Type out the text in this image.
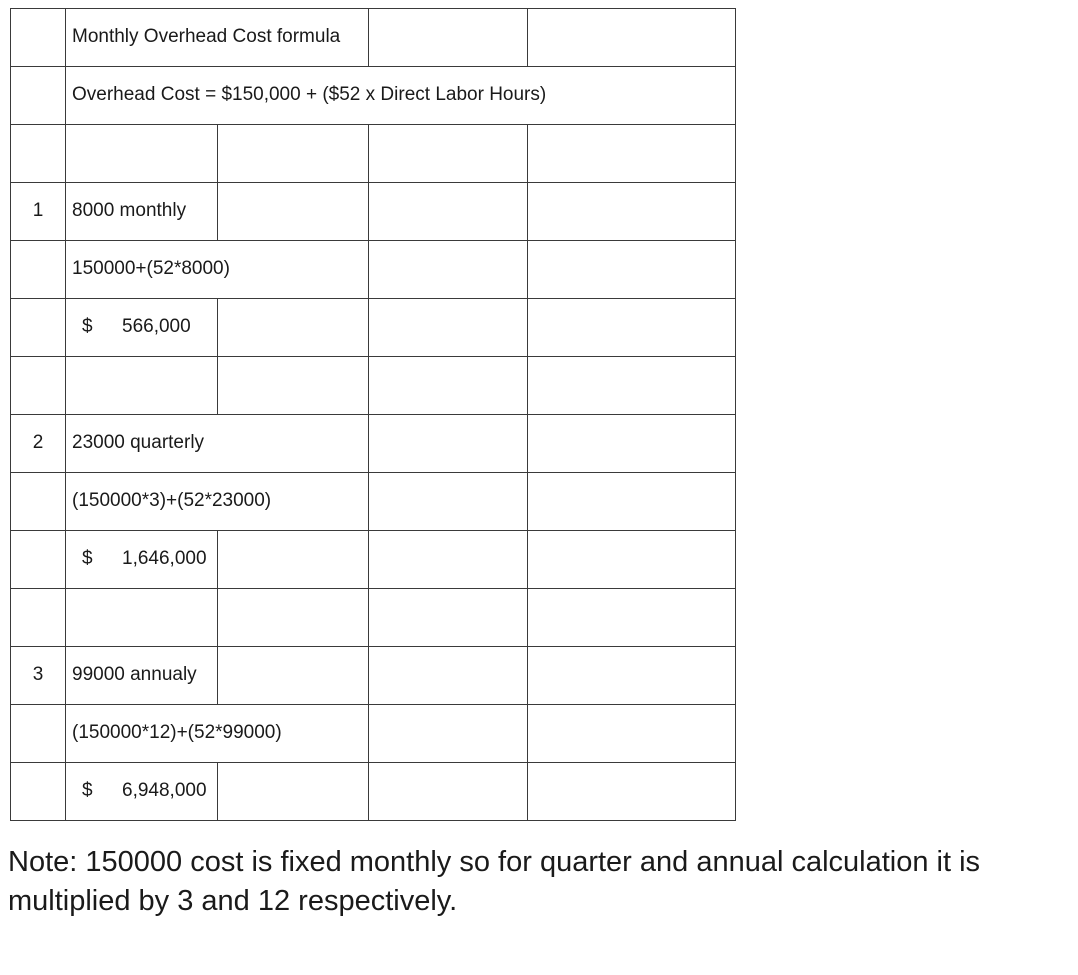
	Monthly Overhead Cost formula			
	Overhead Cost = $150,000 + ($52 x Direct Labor Hours)			

1	8000 monthly			
	150000+(52*8000)			

	$ 566,000			

2	23000 quarterly			
	(150000*3)+(52*23000)			

	$ 1,646,000			

3	99000 annualy			
	(150000*12)+(52*99000)			

	$ 6,948,000			

Note: 150000 cost is fixed monthly so for quarter and annual calculation it is multiplied by 3 and 12 respectively.
